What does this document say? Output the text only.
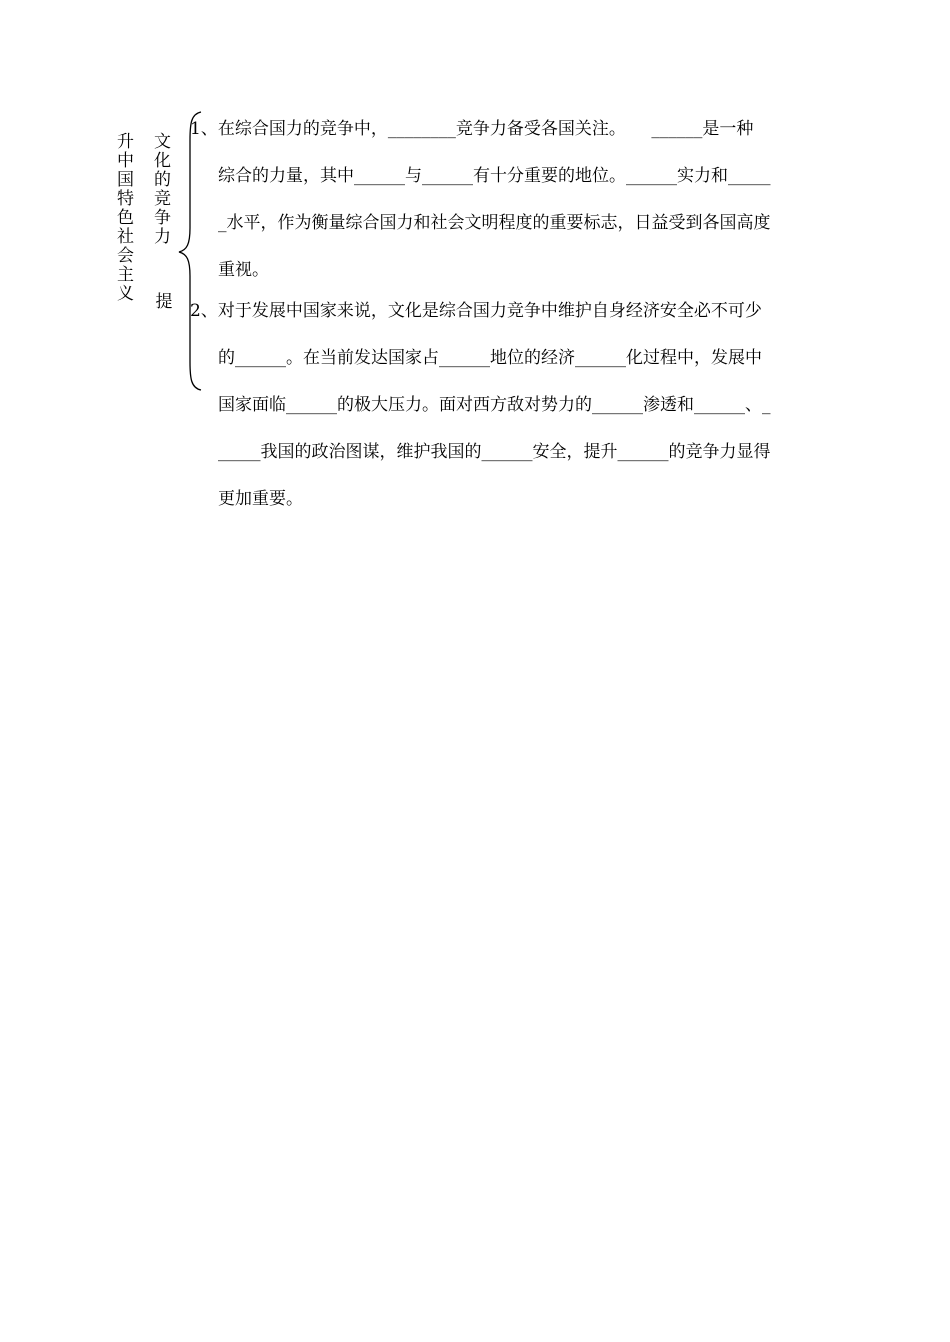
升中国特色社会主义
文化的竞争力
提
1、在综合国力的竞争中，________竞争力备受各国关注。　　______是一种
综合的力量，其中______与______有十分重要的地位。______实力和_____
_水平，作为衡量综合国力和社会文明程度的重要标志，日益受到各国高度
重视。
2、对于发展中国家来说，文化是综合国力竞争中维护自身经济安全必不可少
的______。在当前发达国家占______地位的经济______化过程中，发展中
国家面临______的极大压力。面对西方敌对势力的______渗透和______、_
_____我国的政治图谋，维护我国的______安全，提升______的竞争力显得
更加重要。
